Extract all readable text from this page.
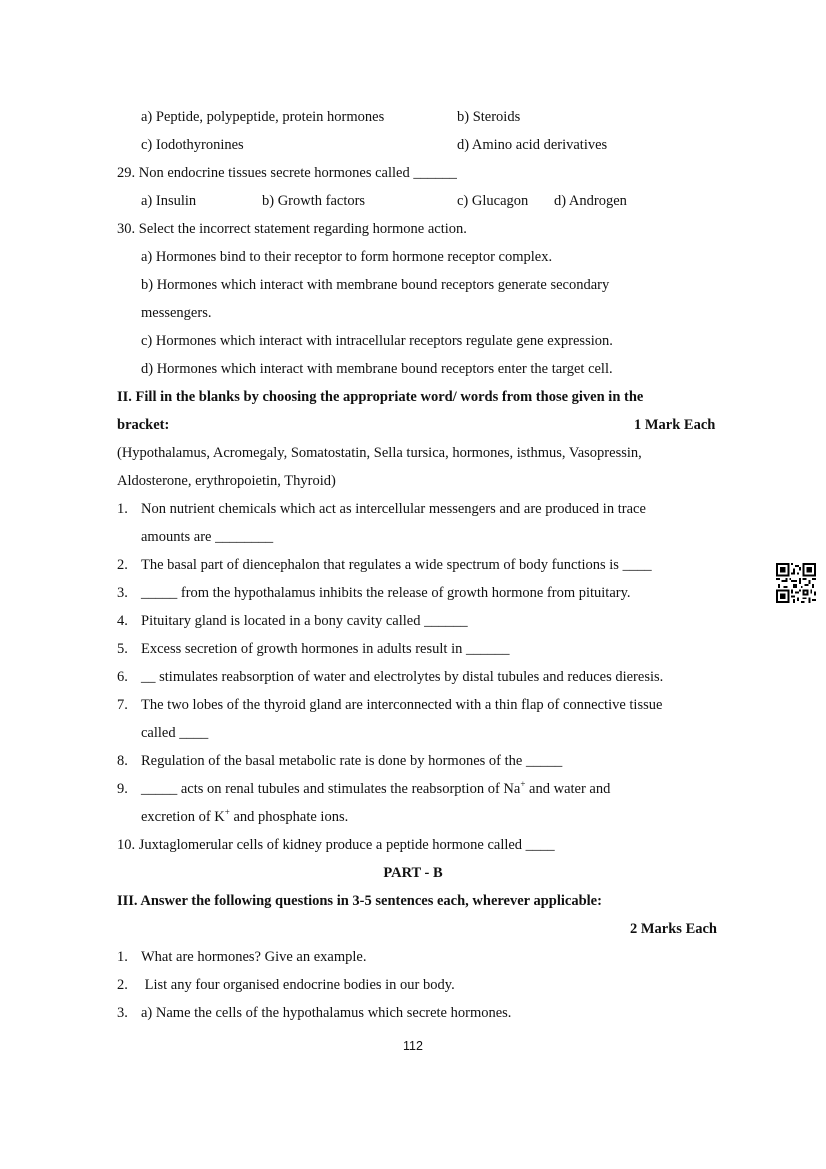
a) Peptide, polypeptide, protein hormones	b) Steroids
c) Iodothyronines	d) Amino acid derivatives
29. Non endocrine tissues secrete hormones called ______
a) Insulin	b) Growth factors	c) Glucagon d) Androgen
30. Select the incorrect statement regarding hormone action.
a) Hormones bind to their receptor to form hormone receptor complex.
b) Hormones which interact with membrane bound receptors generate secondary
messengers.
c) Hormones which interact with intracellular receptors regulate gene expression.
d) Hormones which interact with membrane bound receptors enter the target cell.
II. Fill in the blanks by choosing the appropriate word/ words from those given in the
bracket:	1 Mark Each
(Hypothalamus, Acromegaly, Somatostatin, Sella tursica, hormones, isthmus, Vasopressin,
Aldosterone, erythropoietin, Thyroid)
1. Non nutrient chemicals which act as intercellular messengers and are produced in trace
amounts are ________
2. The basal part of diencephalon that regulates a wide spectrum of body functions is ____
3. _____ from the hypothalamus inhibits the release of growth hormone from pituitary.
4. Pituitary gland is located in a bony cavity called ______
5. Excess secretion of growth hormones in adults result in ______
6. __ stimulates reabsorption of water and electrolytes by distal tubules and reduces dieresis.
7. The two lobes of the thyroid gland are interconnected with a thin flap of connective tissue
called ____
8. Regulation of the basal metabolic rate is done by hormones of the _____
9. _____ acts on renal tubules and stimulates the reabsorption of Na+ and water and
excretion of K+ and phosphate ions.
10. Juxtaglomerular cells of kidney produce a peptide hormone called ____
PART - B
III. Answer the following questions in 3-5 sentences each, wherever applicable:
2 Marks Each
1. What are hormones? Give an example.
2. List any four organised endocrine bodies in our body.
3. a) Name the cells of the hypothalamus which secrete hormones.
112
